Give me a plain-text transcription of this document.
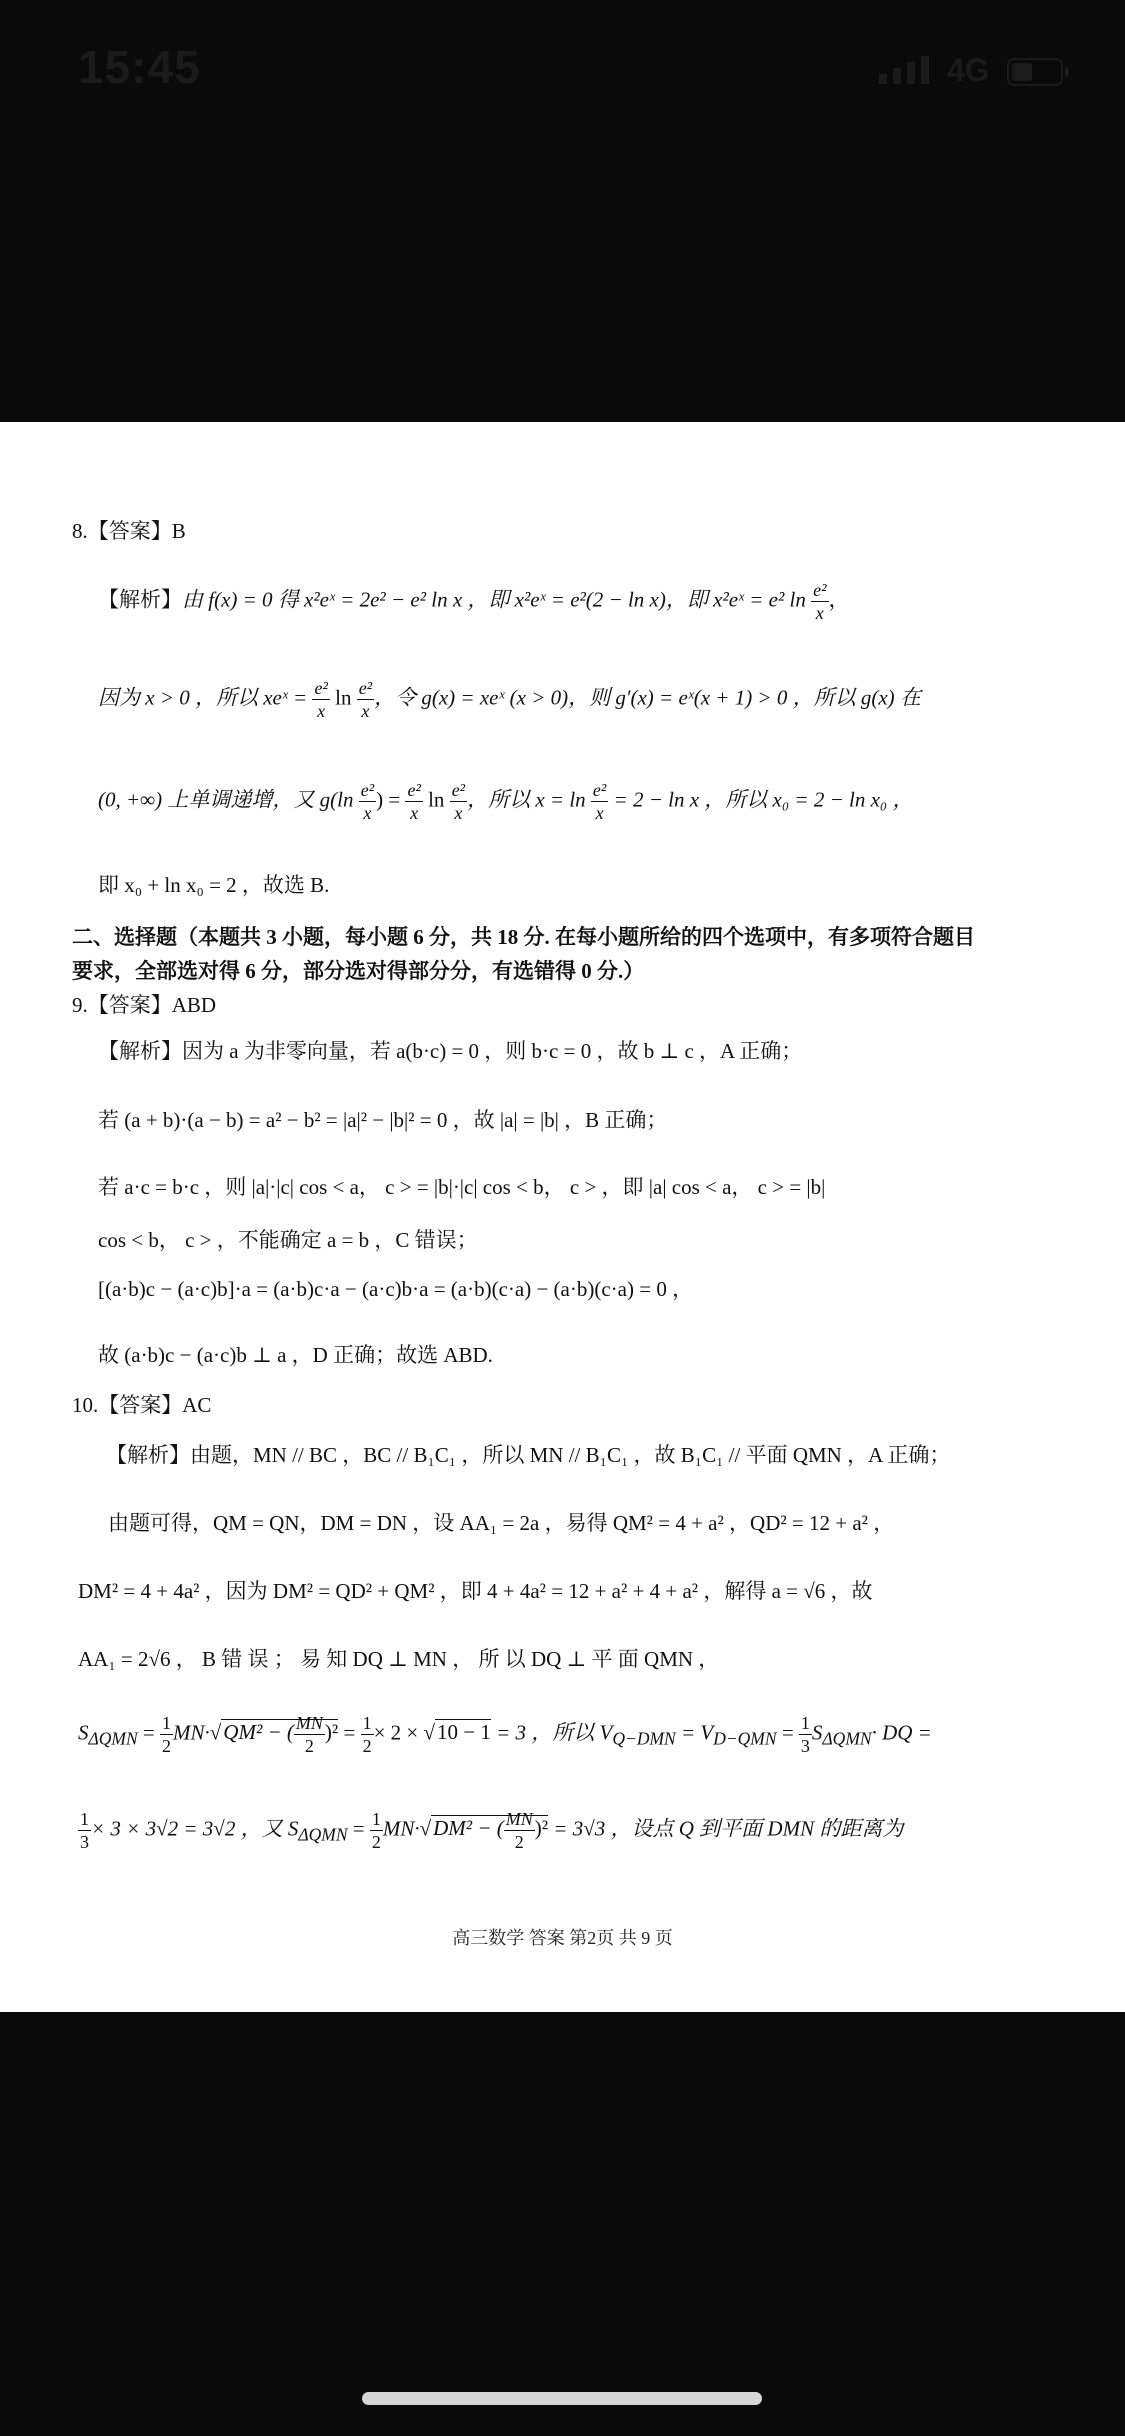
15:45	4G
8.【答案】B
【解析】由 f(x) = 0 得 x²eˣ = 2e² − e² ln x ，即 x²eˣ = e²(2 − ln x)，即 x²eˣ = e² $\ln \frac{\text{e²}}{x}$ ，
因为 x > 0 ，所以 xeˣ = $\frac{\text{e²}}{x}$ $\ln \frac{\text{e²}}{x}$ ，令 g(x) = xeˣ (x > 0)，则 g′(x) = eˣ(x + 1) > 0 ，所以 g(x) 在
(0, +∞) 上单调递增，又 $g(\ln \frac{\text{e²}}{x}$ ) = $\frac{\text{e²}}{x}$ $\ln \frac{\text{e²}}{x}$ ，所以 $x = \ln \frac{\text{e²}}{x} = 2 - \ln x$ ，所以 x₀ = 2 − ln x₀ ，
即 x₀ + ln x₀ = 2 ，故选 B.
二、选择题（本题共 3 小题，每小题 6 分，共 18 分. 在每小题所给的四个选项中，有多项符合题目
要求，全部选对得 6 分，部分选对得部分分，有选错得 0 分.）
9.【答案】ABD
【解析】因为 a 为非零向量，若 a(b·c) = 0 ，则 b·c = 0 ，故 b ⊥ c ，A 正确；
若 (a + b)·(a − b) = a² − b² = |a|² − |b|² = 0 ，故 |a| = |b| ，B 正确；
若 a·c = b·c ，则 |a|·|c| cos < a， c > = |b|·|c| cos < b， c > ，即 |a| cos < a， c > = |b|
cos < b， c > ，不能确定 a = b ，C 错误；
[(a·b)c − (a·c)b]·a = (a·b)c·a − (a·c)b·a = (a·b)(c·a) − (a·b)(c·a) = 0 ，
故 (a·b)c − (a·c)b ⊥ a ，D 正确；故选 ABD.
10.【答案】AC
【解析】由题，MN // BC ，BC // B₁C₁ ，所以 MN // B₁C₁ ，故 B₁C₁ // 平面 QMN ，A 正确；
由题可得，QM = QN，DM = DN ，设 AA₁ = 2a ，易得 QM² = 4 + a² ，QD² = 12 + a² ，
DM² = 4 + 4a² ，因为 DM² = QD² + QM² ，即 4 + 4a² = 12 + a² + 4 + a² ，解得 a = √6 ，故
AA₁ = 2√6 ， B 错 误 ； 易 知 DQ ⊥ MN ， 所 以 DQ ⊥ 平 面 QMN ，
$S_{\Delta QMN} = \frac{1}{2} MN\cdot√QM^2$ − ( $\frac{MN}{2} )^2 = \frac{1}{2} \times 2 \times √10 - 1 = 3$ ，所以 $V_{Q-DMN} = V_{D-QMN} = \frac{1}{3} S_{\Delta QMN}\cdot$ DQ =
$\frac{1}{3} \times 3 \times 3√2 = 3√2$ ，又 $S_{\Delta QMN} = \frac{1}{2} MN\cdot√DM^2$ − ( $\frac{MN}{2} )^2 = 3√3$ ，设点 Q 到平面 DMN 的距离为
高三数学 答案 第2页 共 9 页
